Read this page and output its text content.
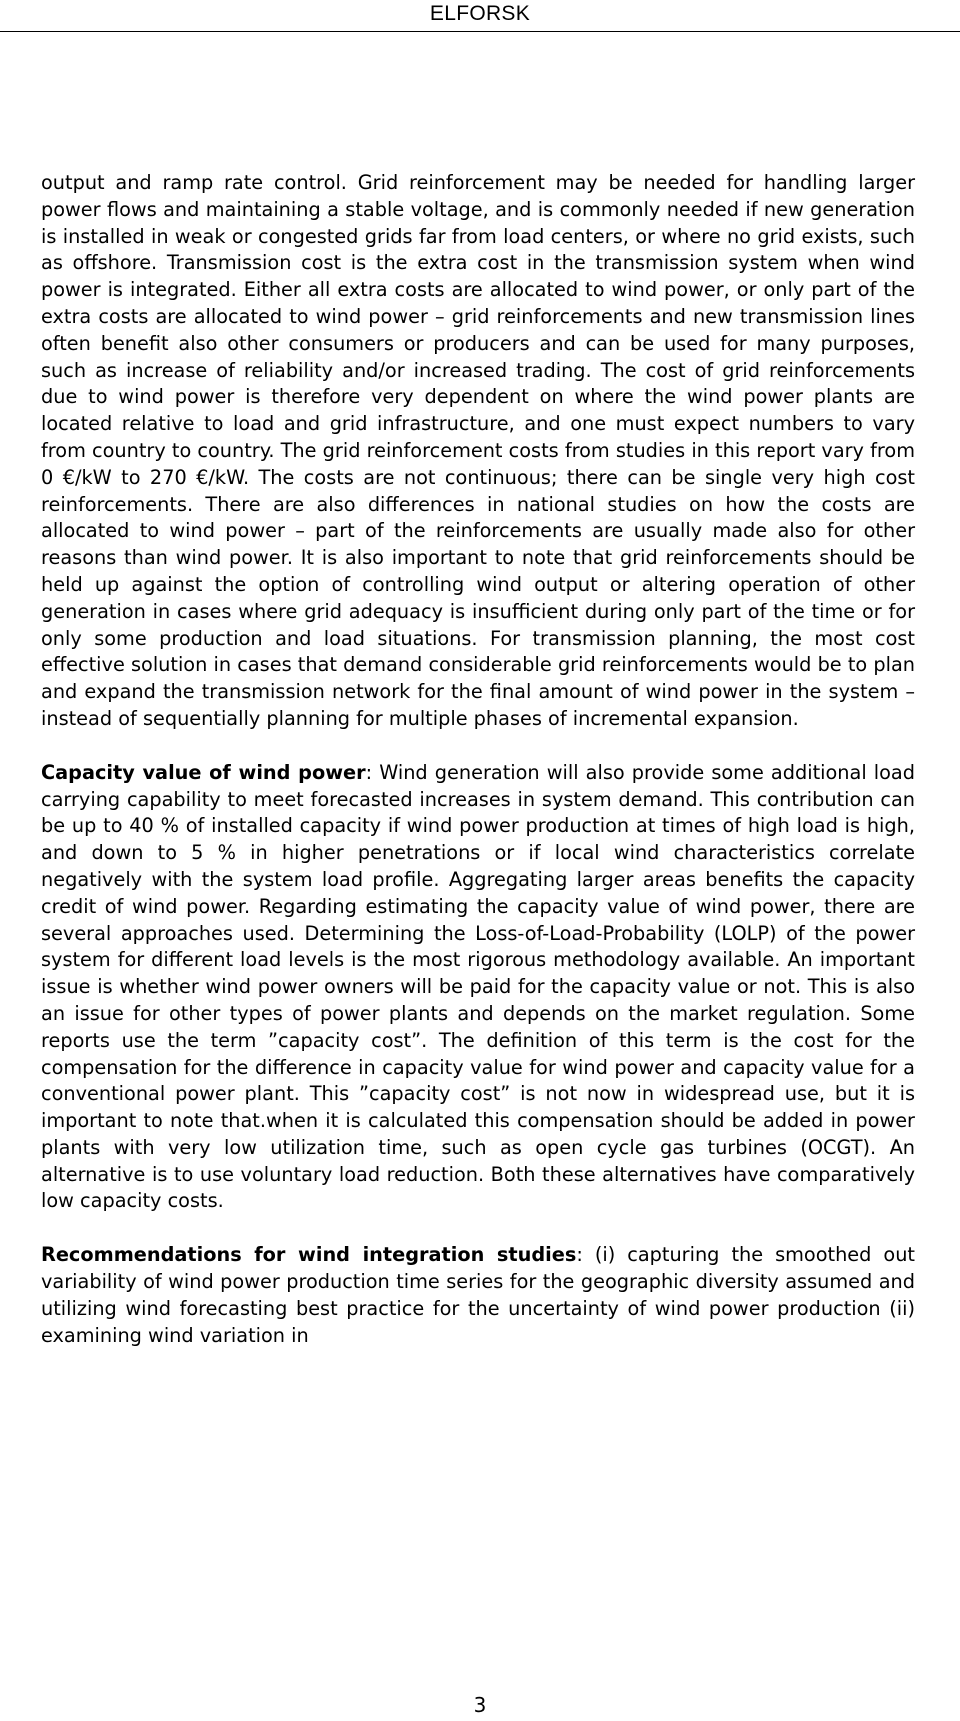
ELFORSK

output and ramp rate control. Grid reinforcement may be needed for handling larger power flows and maintaining a stable voltage, and is commonly needed if new generation is installed in weak or congested grids far from load centers, or where no grid exists, such as offshore. Transmission cost is the extra cost in the transmission system when wind power is integrated. Either all extra costs are allocated to wind power, or only part of the extra costs are allocated to wind power – grid reinforcements and new transmission lines often benefit also other consumers or producers and can be used for many purposes, such as increase of reliability and/or increased trading. The cost of grid reinforcements due to wind power is therefore very dependent on where the wind power plants are located relative to load and grid infrastructure, and one must expect numbers to vary from country to country. The grid reinforcement costs from studies in this report vary from 0 €/kW to 270 €/kW. The costs are not continuous; there can be single very high cost reinforcements. There are also differences in national studies on how the costs are allocated to wind power – part of the reinforcements are usually made also for other reasons than wind power. It is also important to note that grid reinforcements should be held up against the option of controlling wind output or altering operation of other generation in cases where grid adequacy is insufficient during only part of the time or for only some production and load situations. For transmission planning, the most cost effective solution in cases that demand considerable grid reinforcements would be to plan and expand the transmission network for the final amount of wind power in the system – instead of sequentially planning for multiple phases of incremental expansion.

Capacity value of wind power: Wind generation will also provide some additional load carrying capability to meet forecasted increases in system demand. This contribution can be up to 40 % of installed capacity if wind power production at times of high load is high, and down to 5 % in higher penetrations or if local wind characteristics correlate negatively with the system load profile. Aggregating larger areas benefits the capacity credit of wind power. Regarding estimating the capacity value of wind power, there are several approaches used. Determining the Loss-of-Load-Probability (LOLP) of the power system for different load levels is the most rigorous methodology available. An important issue is whether wind power owners will be paid for the capacity value or not. This is also an issue for other types of power plants and depends on the market regulation. Some reports use the term ”capacity cost”. The definition of this term is the cost for the compensation for the difference in capacity value for wind power and capacity value for a conventional power plant. This ”capacity cost” is not now in widespread use, but it is important to note that.when it is calculated this compensation should be added in power plants with very low utilization time, such as open cycle gas turbines (OCGT). An alternative is to use voluntary load reduction. Both these alternatives have comparatively low capacity costs.

Recommendations for wind integration studies: (i) capturing the smoothed out variability of wind power production time series for the geographic diversity assumed and utilizing wind forecasting best practice for the uncertainty of wind power production (ii) examining wind variation in

3
